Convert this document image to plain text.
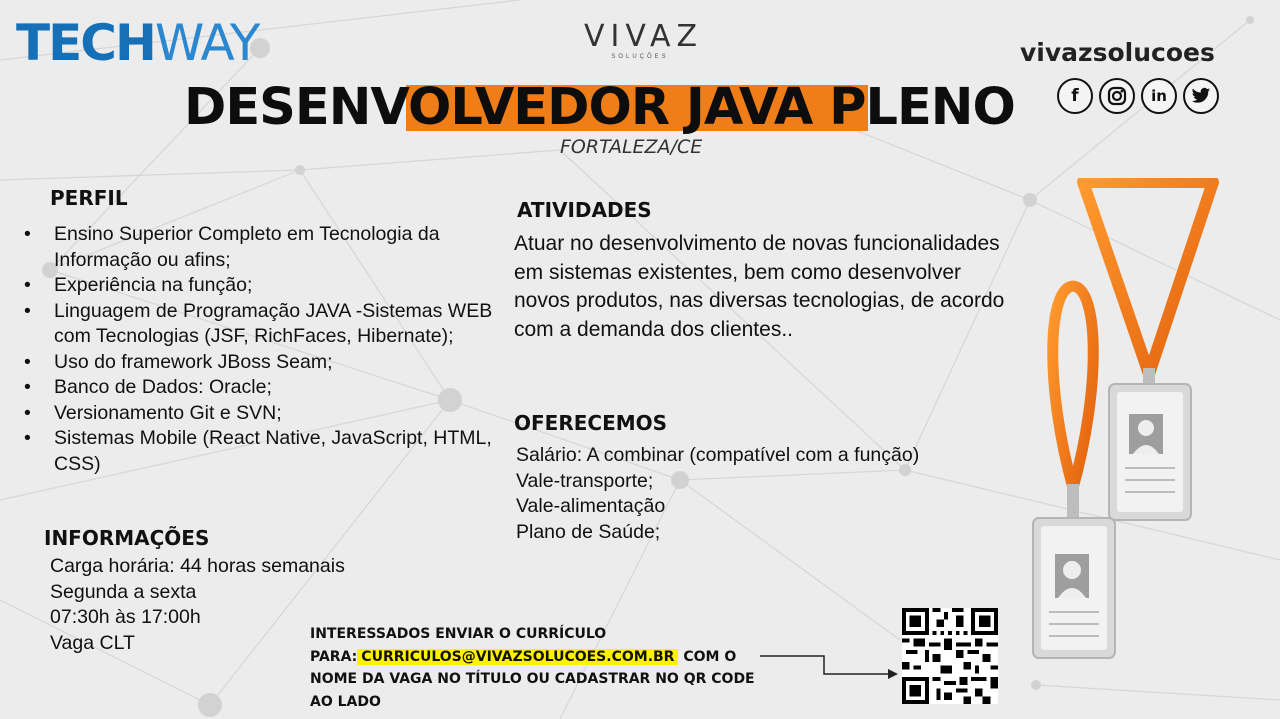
TECHWAY	VIVAZ
SOLUÇÕES	vivazsolucoes
f	in
DESENVOLVEDOR JAVA PLENO
FORTALEZA/CE
PERFIL
• Ensino Superior Completo em Tecnologia da Informação ou afins;
• Experiência na função;
• Linguagem de Programação JAVA -Sistemas WEB com Tecnologias (JSF, RichFaces, Hibernate);
• Uso do framework JBoss Seam;
• Banco de Dados: Oracle;
• Versionamento Git e SVN;
• Sistemas Mobile (React Native, JavaScript, HTML, CSS)
INFORMAÇÕES
Carga horária: 44 horas semanais
Segunda a sexta
07:30h às 17:00h
Vaga CLT
ATIVIDADES
Atuar no desenvolvimento de novas funcionalidades em sistemas existentes, bem como desenvolver novos produtos, nas diversas tecnologias, de acordo com a demanda dos clientes..
OFERECEMOS
Salário: A combinar (compatível com a função)
Vale-transporte;
Vale-alimentação
Plano de Saúde;
INTERESSADOS ENVIAR O CURRÍCULO
PARA: CURRICULOS@VIVAZSOLUCOES.COM.BR COM O
NOME DA VAGA NO TÍTULO OU CADASTRAR NO QR CODE
AO LADO
